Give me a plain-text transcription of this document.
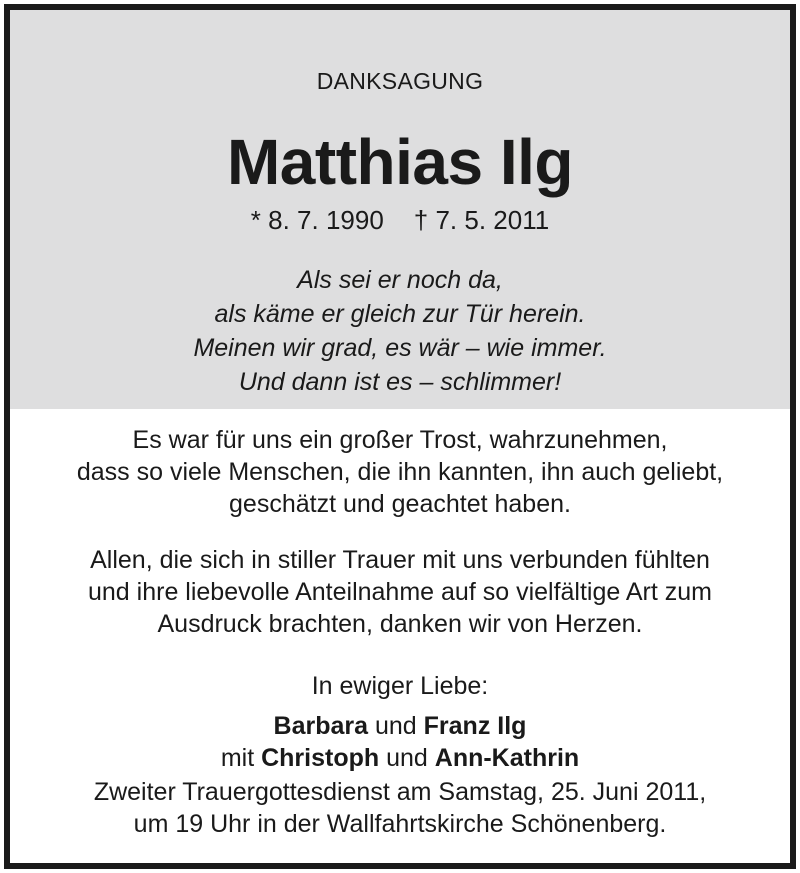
DANKSAGUNG
Matthias Ilg
* 8. 7. 1990 † 7. 5. 2011
Als sei er noch da,
als käme er gleich zur Tür herein.
Meinen wir grad, es wär – wie immer.
Und dann ist es – schlimmer!
Es war für uns ein großer Trost, wahrzunehmen,
dass so viele Menschen, die ihn kannten, ihn auch geliebt,
geschätzt und geachtet haben.
Allen, die sich in stiller Trauer mit uns verbunden fühlten
und ihre liebevolle Anteilnahme auf so vielfältige Art zum
Ausdruck brachten, danken wir von Herzen.
In ewiger Liebe:
Barbara und Franz Ilg
mit Christoph und Ann-Kathrin
Zweiter Trauergottesdienst am Samstag, 25. Juni 2011,
um 19 Uhr in der Wallfahrtskirche Schönenberg.
